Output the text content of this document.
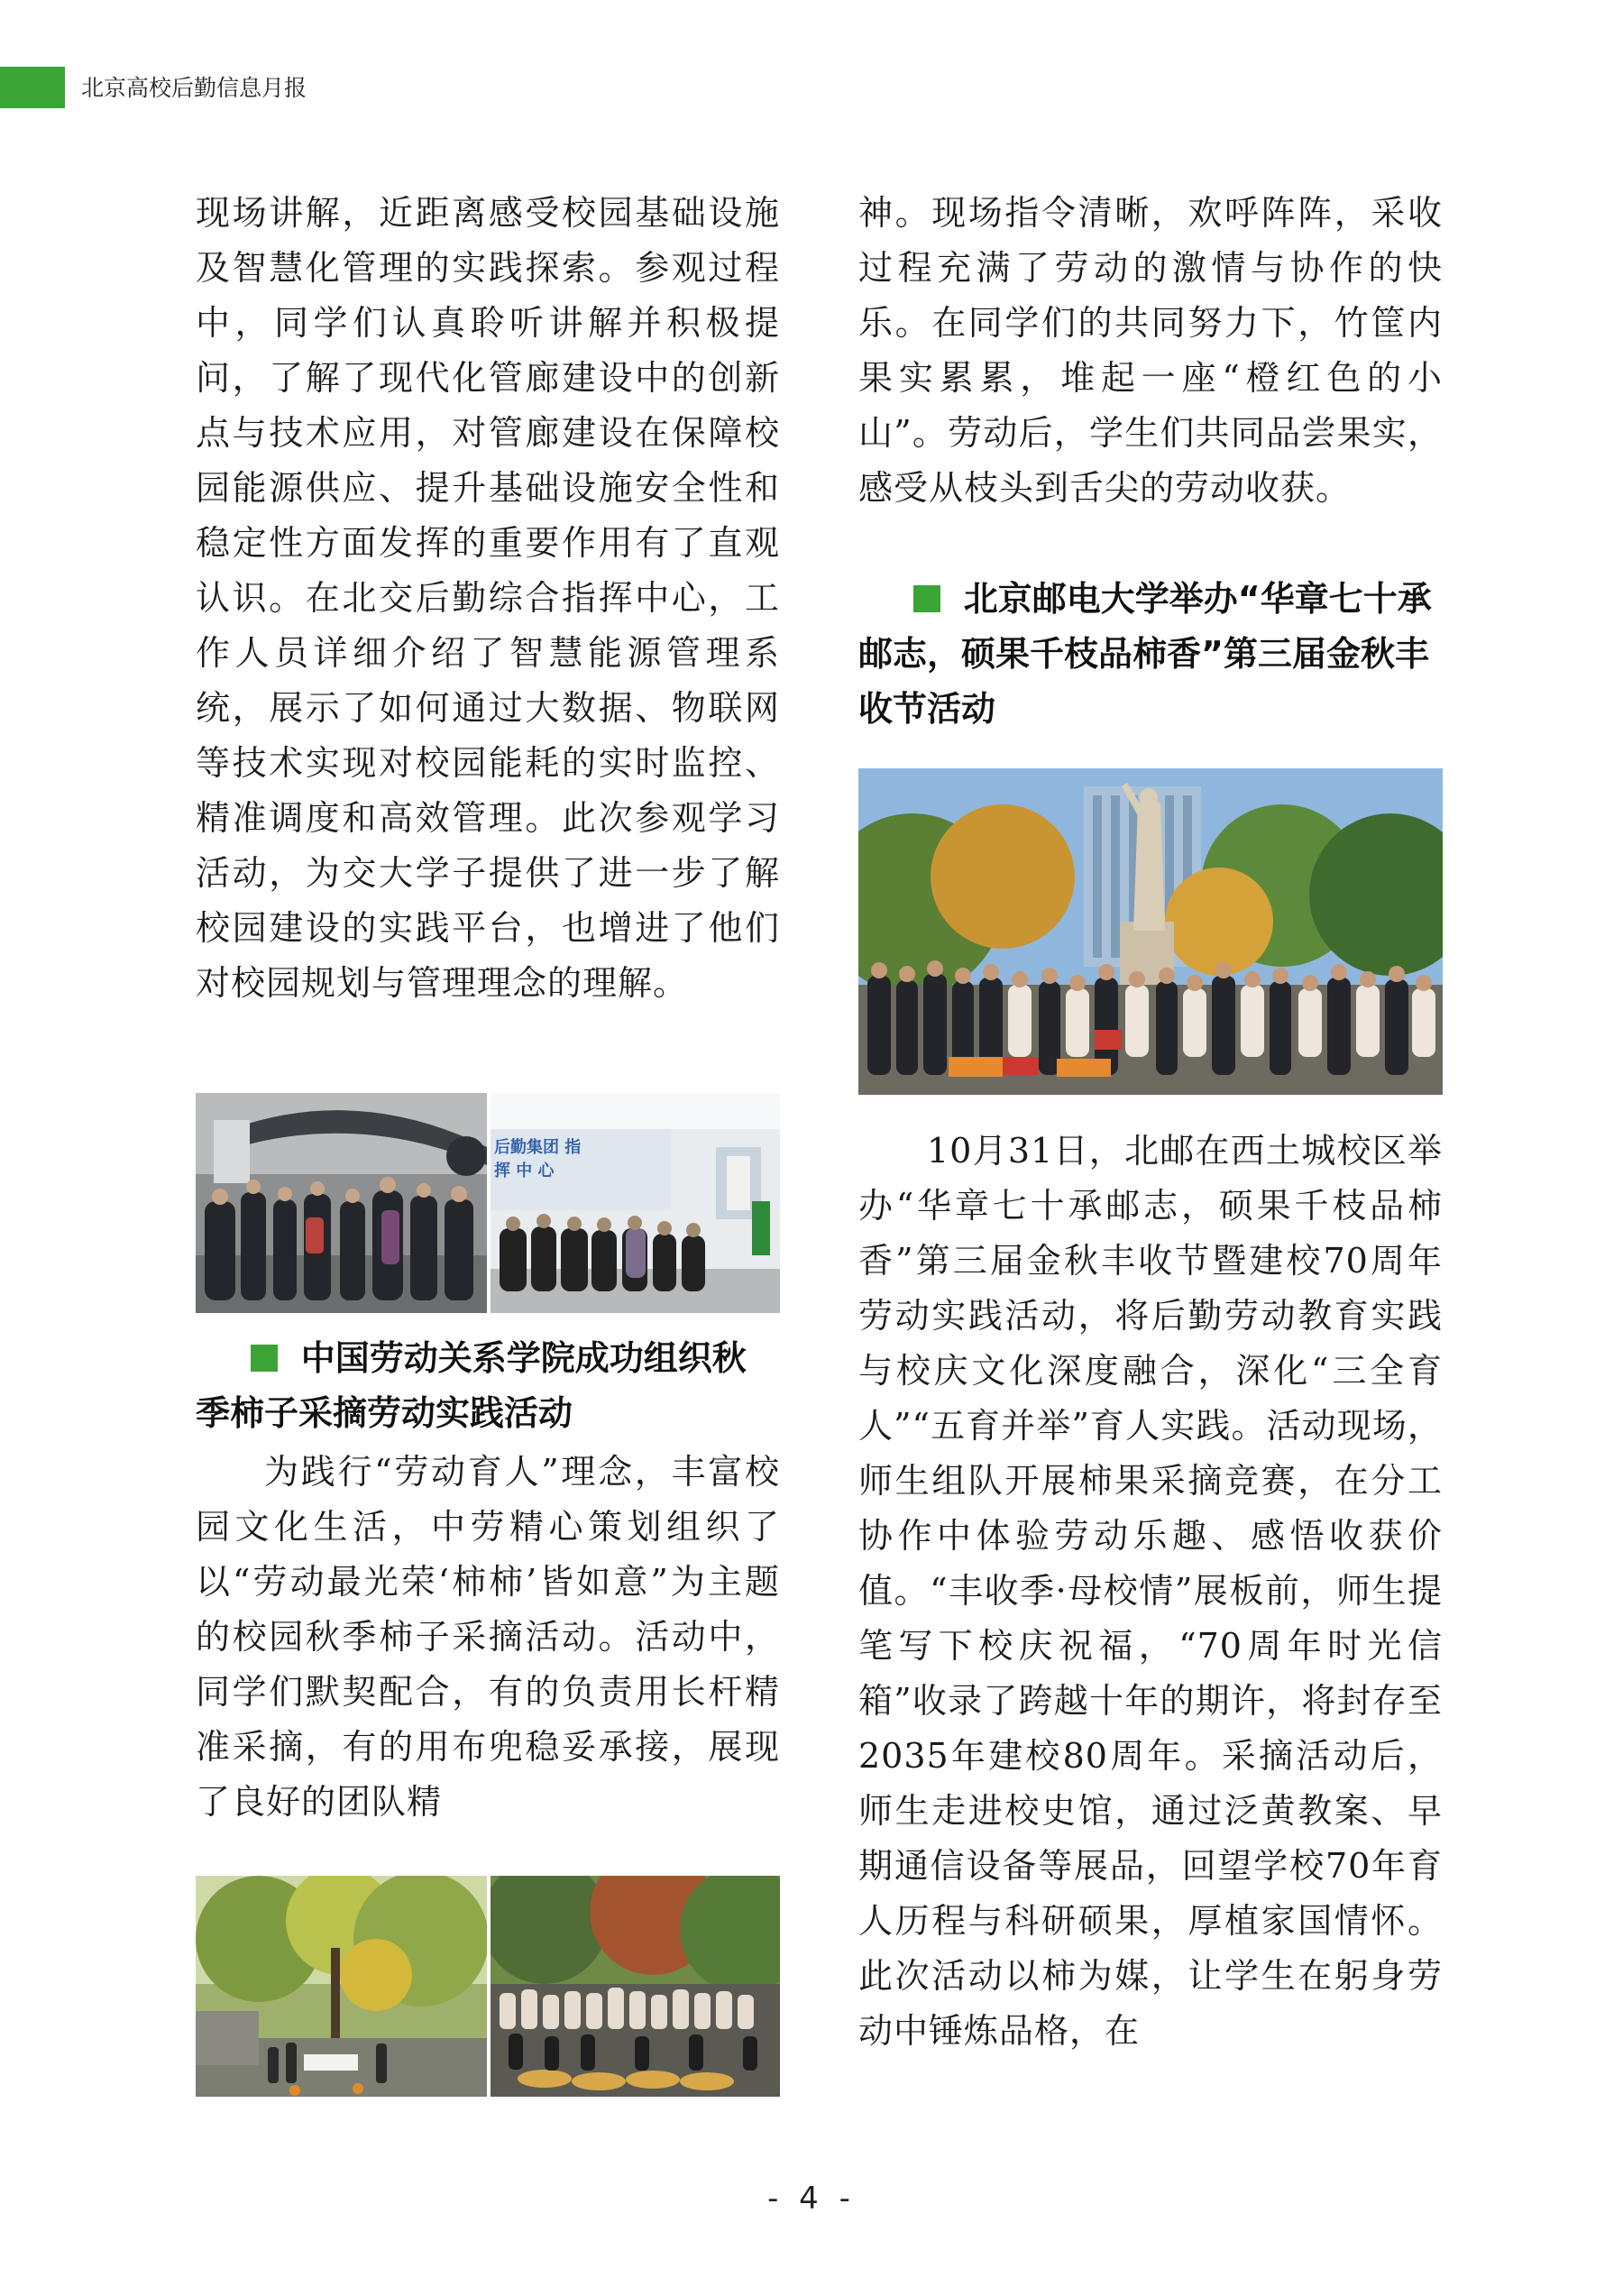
北京高校后勤信息月报

现场讲解，近距离感受校园基础设施及智慧化管理的实践探索。参观过程中，同学们认真聆听讲解并积极提问，了解了现代化管廊建设中的创新点与技术应用，对管廊建设在保障校园能源供应、提升基础设施安全性和稳定性方面发挥的重要作用有了直观认识。在北交后勤综合指挥中心，工作人员详细介绍了智慧能源管理系统，展示了如何通过大数据、物联网等技术实现对校园能耗的实时监控、精准调度和高效管理。此次参观学习活动，为交大学子提供了进一步了解校园建设的实践平台，也增进了他们对校园规划与管理理念的理解。

后勤集团 指 挥 中 心
中国劳动关系学院成功组织秋季柿子采摘劳动实践活动

为践行“劳动育人”理念，丰富校园文化生活，中劳精心策划组织了以“劳动最光荣‘柿柿’皆如意”为主题的校园秋季柿子采摘活动。活动中，同学们默契配合，有的负责用长杆精准采摘，有的用布兜稳妥承接，展现了良好的团队精

神。现场指令清晰，欢呼阵阵，采收过程充满了劳动的激情与协作的快乐。在同学们的共同努力下，竹筐内果实累累，堆起一座“橙红色的小山”。劳动后，学生们共同品尝果实，感受从枝头到舌尖的劳动收获。

北京邮电大学举办“华章七十承邮志，硕果千枝品柿香”第三届金秋丰收节活动

10月31日，北邮在西土城校区举办“华章七十承邮志，硕果千枝品柿香”第三届金秋丰收节暨建校70周年劳动实践活动，将后勤劳动教育实践与校庆文化深度融合，深化“三全育人”“五育并举”育人实践。活动现场，师生组队开展柿果采摘竞赛，在分工协作中体验劳动乐趣、感悟收获价值。“丰收季·母校情”展板前，师生提笔写下校庆祝福，“70周年时光信箱”收录了跨越十年的期许，将封存至2035年建校80周年。采摘活动后，师生走进校史馆，通过泛黄教案、早期通信设备等展品，回望学校70年育人历程与科研硕果，厚植家国情怀。此次活动以柿为媒，让学生在躬身劳动中锤炼品格，在

- 4 -
